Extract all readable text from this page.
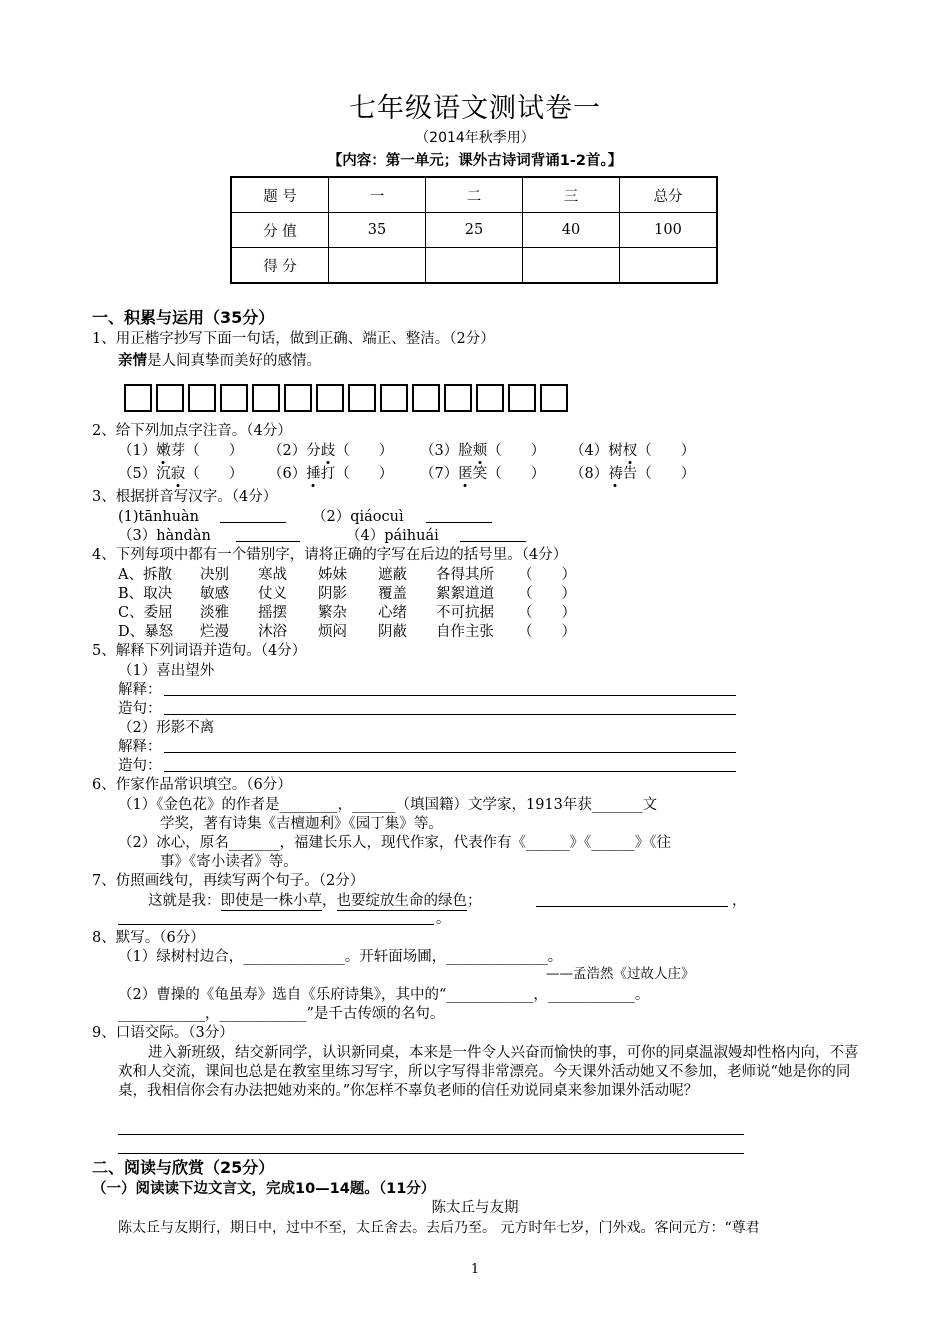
七年级语文测试卷一
（2014年秋季用）
【内容：第一单元；课外古诗词背诵1-2首。】
题 号	一	二	三	总分
分 值	35	25	40	100
得 分				
一、积累与运用（35分）
1、用正楷字抄写下面一句话，做到正确、端正、整洁。（2分）
亲情是人间真挚而美好的感情。
2、给下列加点字注音。（4分）
（1）嫩芽（　　） （2）分歧（　　） （3）脸颊（　　） （4）树杈（　　）
（5）沉寂（　　） （6）捶打（　　） （7）匿笑（　　） （8）祷告（　　）
3、根据拼音写汉字。（4分）
(1)tānhuàn	（2）qiáocuì
（3）hàndàn	（4）páihuái
4、下列每项中都有一个错别字，请将正确的字写在后边的括号里。（4分）
A、拆散 决别 寒战 姊妹 遮蔽 各得其所 （　　）
B、取决 敏感 仗义 阴影 覆盖 絮絮道道 （　　）
C、委屈 淡雅 摇摆 繁杂 心绪 不可抗据 （　　）
D、暴怒 烂漫 沐浴 烦闷 阴蔽 自作主张 （　　）
5、解释下列词语并造句。（4分）
（1）喜出望外
解释：
造句：
（2）形影不离
解释：
造句：
6、作家作品常识填空。（6分）
（1）《金色花》的作者是________，______（填国籍）文学家，1913年获_______文
学奖，著有诗集《吉檀迦利》《园丁集》等。
（2）冰心，原名_______，福建长乐人，现代作家，代表作有《______》《______》《往
事》《寄小读者》等。
7、仿照画线句，再续写两个句子。（2分）
这就是我：即使是一株小草，也要绽放生命的绿色；	，
。
8、默写。（6分）
（1）绿树村边合，______________。开轩面场圃，______________。
——孟浩然《过故人庄》
（2）曹操的《龟虽寿》选自《乐府诗集》，其中的“____________，____________。
____________，____________”是千古传颂的名句。
9、口语交际。（3分）
进入新班级，结交新同学，认识新同桌，本来是一件令人兴奋而愉快的事，可你的同桌温淑嫚却性格内向，不喜欢和人交流，课间也总是在教室里练习写字，所以字写得非常漂亮。今天课外活动她又不参加，老师说“她是你的同桌，我相信你会有办法把她劝来的。”你怎样不辜负老师的信任劝说同桌来参加课外活动呢？
二、阅读与欣赏（25分）
（一）阅读读下边文言文，完成10—14题。（11分）
陈太丘与友期
陈太丘与友期行，期日中，过中不至，太丘舍去。去后乃至。 元方时年七岁，门外戏。客问元方：“尊君
1
